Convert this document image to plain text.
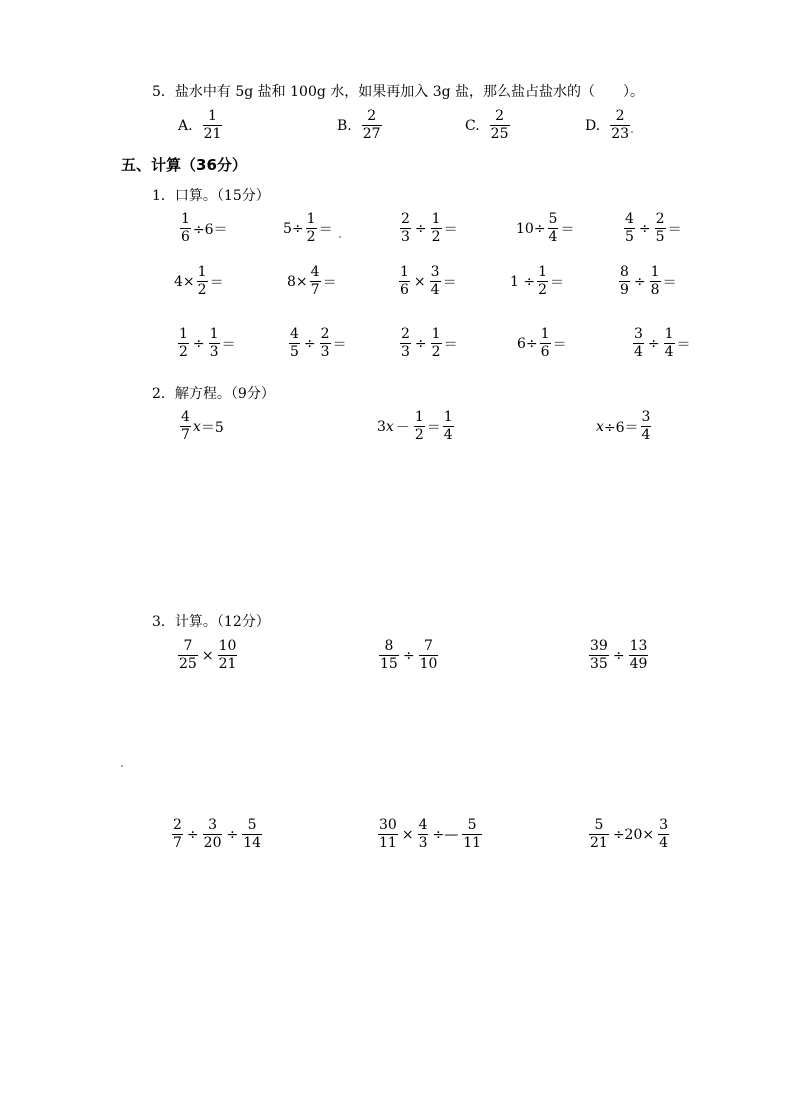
5．盐水中有 5g 盐和 100g 水，如果再加入 3g 盐，那么盐占盐水的（　　）。
A. $\frac{1}{21}$	B. $\frac{2}{27}$	C. $\frac{2}{25}$	D. $\frac{2}{23}$
五、计算（36分）
1．口算。（15分）
$\frac{1}{6} \div 6=$	$5\div \frac{1}{2}$ ＝	$\frac{2}{3} \div \frac{1}{2}$ ＝	$10\div \frac{5}{4}$ ＝	$\frac{4}{5} \div \frac{2}{5}$ ＝
$4\times \frac{1}{2}$ ＝	$8\times \frac{4}{7}$ ＝	$\frac{1}{6} \times \frac{3}{4}$ ＝	$1 \div \frac{1}{2}$ ＝	$\frac{8}{9} \div \frac{1}{8}$ ＝
$\frac{1}{2} \div \frac{1}{3}$ ＝	$\frac{4}{5} \div \frac{2}{3}$ ＝	$\frac{2}{3} \div \frac{1}{2}$ ＝	$6\div \frac{1}{6}$ ＝	$\frac{3}{4} \div \frac{1}{4}$ ＝
2．解方程。（9分）
$\frac{4}{7}$ x ＝5	3 $x - \frac{1}{2} = \frac{1}{4}$	$x \div 6= \frac{3}{4}$
3．计算。（12分）
$\frac{7}{25} \times \frac{10}{21}$	$\frac{8}{15} \div \frac{7}{10}$	$\frac{39}{35} \div \frac{13}{49}$
$\frac{2}{7} \div \frac{3}{20} \div \frac{5}{14}$	$\frac{30}{11} \times \frac{4}{3}$ ÷— $\frac{5}{11}$	$\frac{5}{21} \div 20\times \frac{3}{4}$
